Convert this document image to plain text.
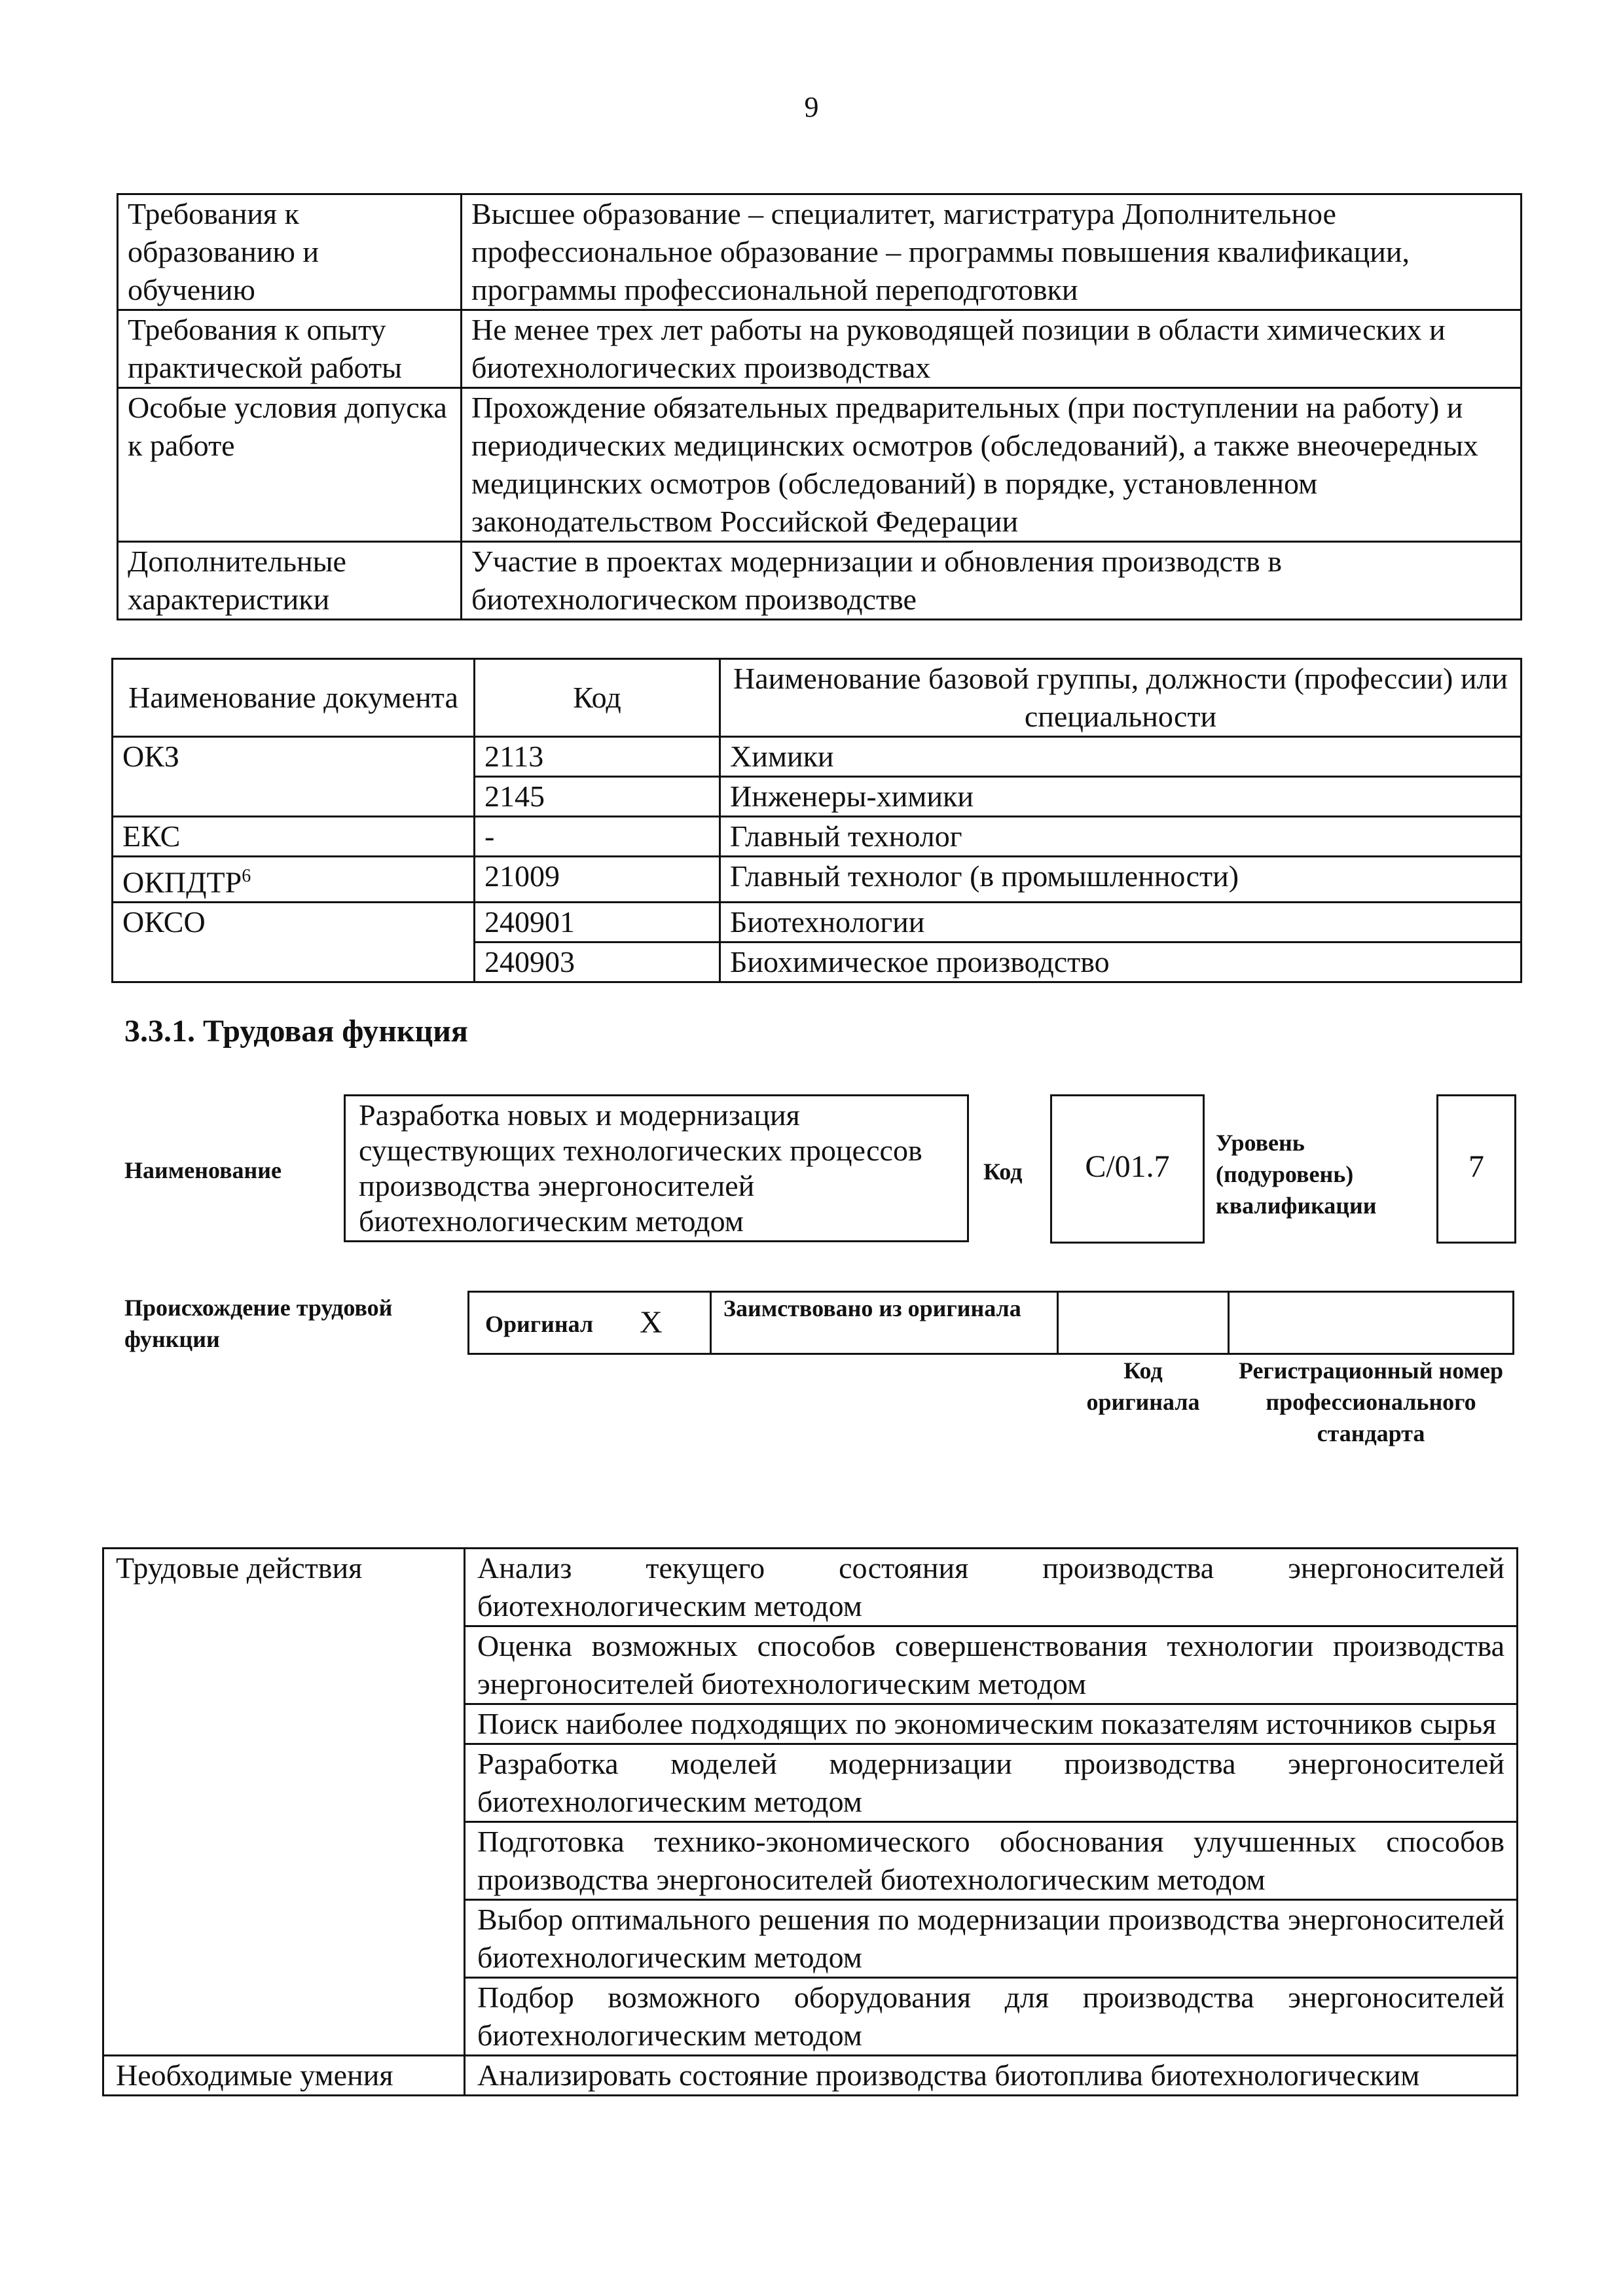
9
Требования к образованию и обучению	Высшее образование – специалитет, магистратура Дополнительное профессиональное образование – программы повышения квалификации, программы профессиональной переподготовки
Требования к опыту практической работы	Не менее трех лет работы на руководящей позиции в области химических и биотехнологических производствах
Особые условия допуска к работе	Прохождение обязательных предварительных (при поступлении на работу) и периодических медицинских осмотров (обследований), а также внеочередных медицинских осмотров (обследований) в порядке, установленном законодательством Российской Федерации
Дополнительные характеристики	Участие в проектах модернизации и обновления производств в биотехнологическом производстве
Наименование документа	Код	Наименование базовой группы, должности (профессии) или специальности
ОКЗ	2113	Химики
	2145	Инженеры-химики
ЕКС	-	Главный технолог
ОКПДТР$^6$	21009	Главный технолог (в промышленности)
ОКСО	240901	Биотехнологии
	240903	Биохимическое производство
3.3.1. Трудовая функция
Наименование
Разработка новых и модернизация существующих технологических процессов производства энергоносителей биотехнологическим методом
Код	C/01.7
Уровень (подуровень) квалификации
7
Происхождение трудовой функции
Оригинал X	Заимствовано из оригинала
Код оригинала
Регистрационный номер профессионального стандарта
Трудовые действия	Анализ текущего состояния производства энергоносителей биотехнологическим методом
	Оценка возможных способов совершенствования технологии производства энергоносителей биотехнологическим методом
	Поиск наиболее подходящих по экономическим показателям источников сырья
	Разработка моделей модернизации производства энергоносителей биотехнологическим методом
	Подготовка технико-экономического обоснования улучшенных способов производства энергоносителей биотехнологическим методом
	Выбор оптимального решения по модернизации производства энергоносителей биотехнологическим методом
	Подбор возможного оборудования для производства энергоносителей биотехнологическим методом
Необходимые умения	Анализировать состояние производства биотоплива биотехнологическим
